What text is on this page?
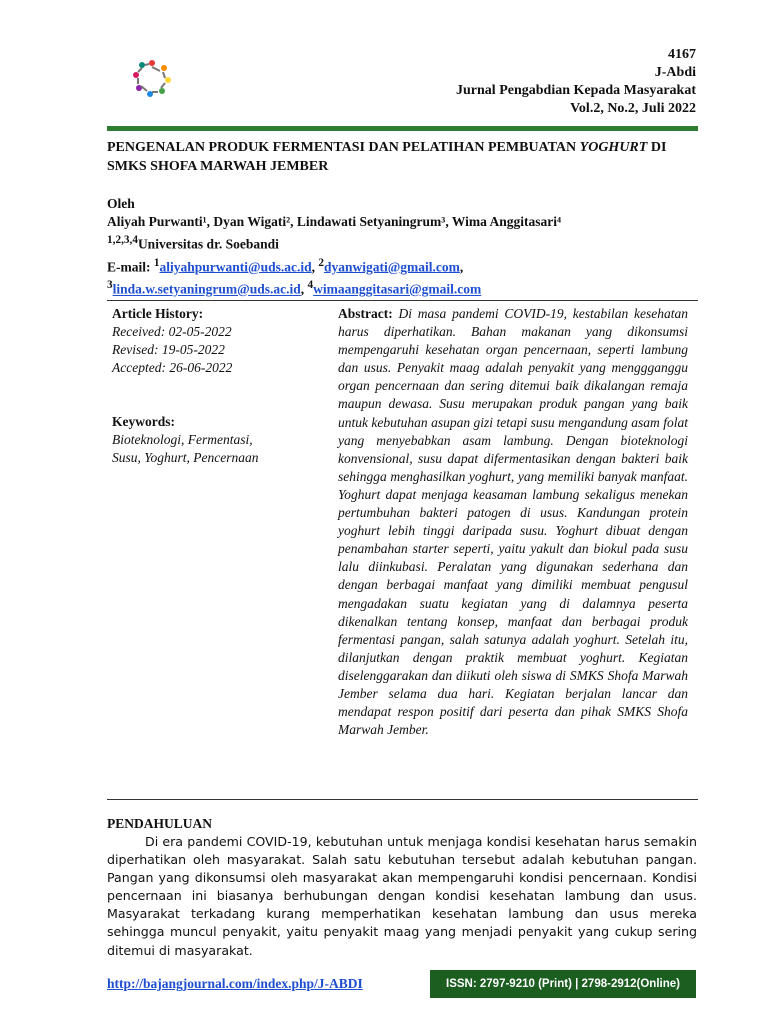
4167
J-Abdi
Jurnal Pengabdian Kepada Masyarakat
Vol.2, No.2, Juli 2022
PENGENALAN PRODUK FERMENTASI DAN PELATIHAN PEMBUATAN YOGHURT DI
SMKS SHOFA MARWAH JEMBER
Oleh
Aliyah Purwanti¹, Dyan Wigati², Lindawati Setyaningrum³, Wima Anggitasari⁴
$^{1,2,3,4}$Universitas dr. Soebandi
E-mail: $^1$aliyahpurwanti@uds.ac.id, $^2$dyanwigati@gmail.com,
$^3$linda.w.setyaningrum@uds.ac.id, $^4$wimaanggitasari@gmail.com
Article History:
Received: 02-05-2022
Revised: 19-05-2022
Accepted: 26-06-2022
Keywords:
Bioteknologi, Fermentasi,
Susu, Yoghurt, Pencernaan
Abstract: Di masa pandemi COVID-19, kestabilan kesehatan harus diperhatikan. Bahan makanan yang dikonsumsi mempengaruhi kesehatan organ pencernaan, seperti lambung dan usus. Penyakit maag adalah penyakit yang menggganggu organ pencernaan dan sering ditemui baik dikalangan remaja maupun dewasa. Susu merupakan produk pangan yang baik untuk kebutuhan asupan gizi tetapi susu mengandung asam folat yang menyebabkan asam lambung. Dengan bioteknologi konvensional, susu dapat difermentasikan dengan bakteri baik sehingga menghasilkan yoghurt, yang memiliki banyak manfaat. Yoghurt dapat menjaga keasaman lambung sekaligus menekan pertumbuhan bakteri patogen di usus. Kandungan protein yoghurt lebih tinggi daripada susu. Yoghurt dibuat dengan penambahan starter seperti, yaitu yakult dan biokul pada susu lalu diinkubasi. Peralatan yang digunakan sederhana dan dengan berbagai manfaat yang dimiliki membuat pengusul mengadakan suatu kegiatan yang di dalamnya peserta dikenalkan tentang konsep, manfaat dan berbagai produk fermentasi pangan, salah satunya adalah yoghurt. Setelah itu, dilanjutkan dengan praktik membuat yoghurt. Kegiatan diselenggarakan dan diikuti oleh siswa di SMKS Shofa Marwah Jember selama dua hari. Kegiatan berjalan lancar dan mendapat respon positif dari peserta dan pihak SMKS Shofa Marwah Jember.
PENDAHULUAN

Di era pandemi COVID-19, kebutuhan untuk menjaga kondisi kesehatan harus semakin diperhatikan oleh masyarakat. Salah satu kebutuhan tersebut adalah kebutuhan pangan. Pangan yang dikonsumsi oleh masyarakat akan mempengaruhi kondisi pencernaan. Kondisi pencernaan ini biasanya berhubungan dengan kondisi kesehatan lambung dan usus. Masyarakat terkadang kurang memperhatikan kesehatan lambung dan usus mereka sehingga muncul penyakit, yaitu penyakit maag yang menjadi penyakit yang cukup sering ditemui di masyarakat.

http://bajangjournal.com/index.php/J-ABDI	ISSN: 2797-9210 (Print) | 2798-2912(Online)
